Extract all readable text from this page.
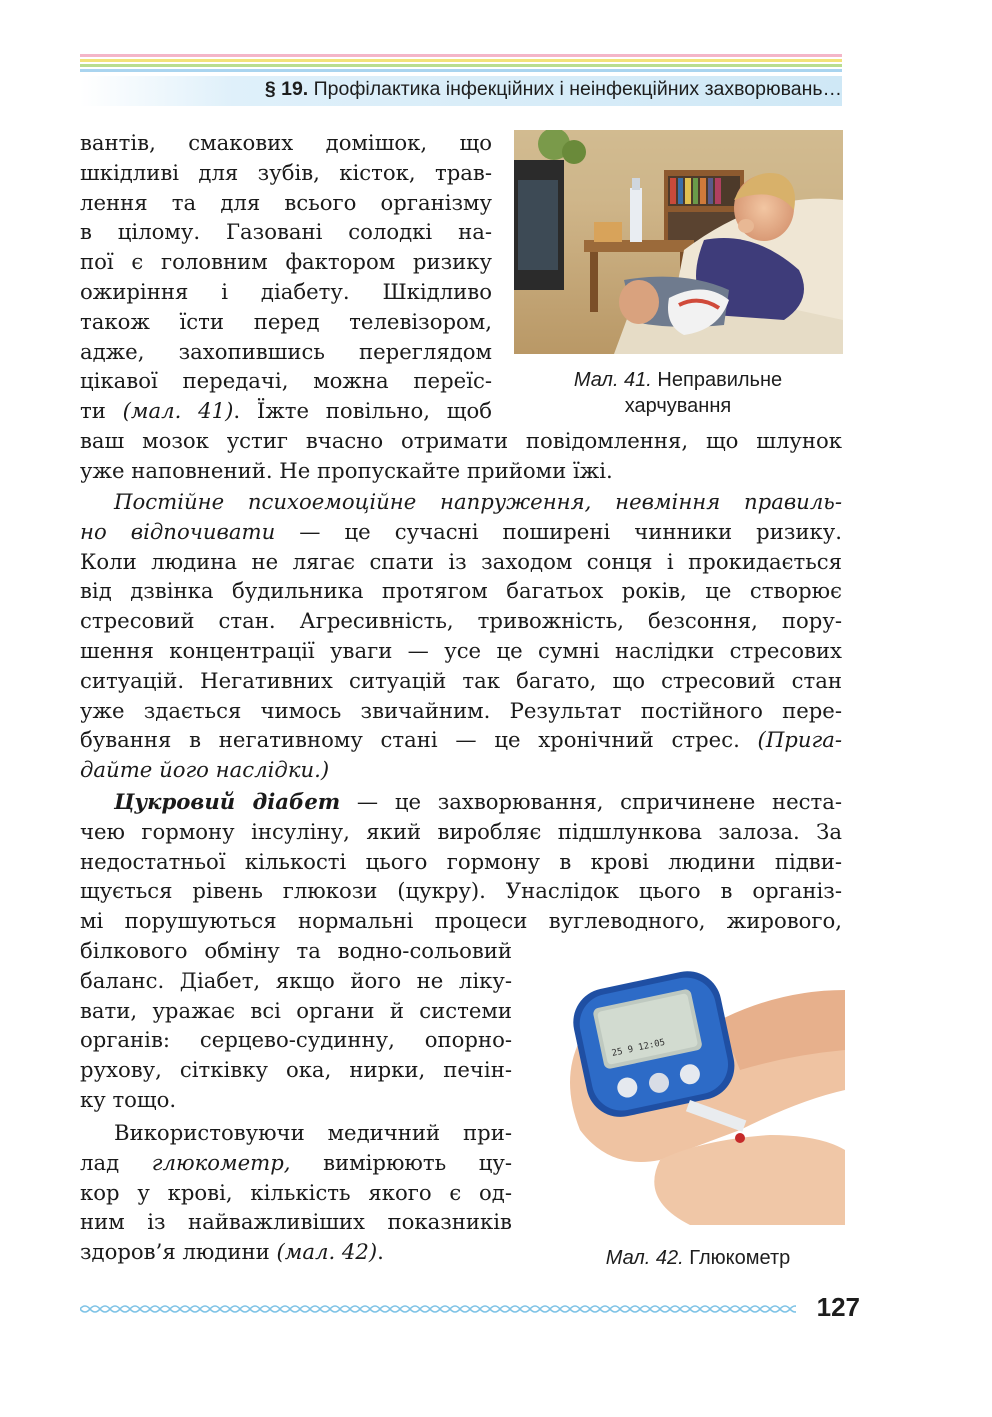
§ 19. Профілактика інфекційних і неінфекційних захворювань…
Мал. 41. Неправильне
харчування
вантів, смакових домішок, що
шкідливі для зубів, кісток, трав-
лення та для всього організму
в цілому. Газовані солодкі на-
пої є головним фактором ризику
ожиріння і діабету. Шкідливо
також їсти перед телевізором,
адже, захопившись переглядом
цікавої передачі, можна переїс-
ти (мал. 41). Їжте повільно, щоб
ваш мозок устиг вчасно отримати повідомлення, що шлунок
уже наповнений. Не пропускайте прийоми їжі.
Постійне психоемоційне напруження, невміння правиль-
но відпочивати — це сучасні поширені чинники ризику.
Коли людина не лягає спати із заходом сонця і прокидається
від дзвінка будильника протягом багатьох років, це створює
стресовий стан. Агресивність, тривожність, безсоння, пору-
шення концентрації уваги — усе це сумні наслідки стресових
ситуацій. Негативних ситуацій так багато, що стресовий стан
уже здається чимось звичайним. Результат постійного пере-
бування в негативному стані — це хронічний стрес. (Прига-
дайте його наслідки.)
Цукровий діабет — це захворювання, спричинене неста-
чею гормону інсуліну, який виробляє підшлункова залоза. За
недостатньої кількості цього гормону в крові людини підви-
щується рівень глюкози (цукру). Унаслідок цього в організ-
мі порушуються нормальні процеси вуглеводного, жирового,
білкового обміну та водно-сольовий
баланс. Діабет, якщо його не ліку-
вати, уражає всі органи й системи
органів: серцево-судинну, опорно-
рухову, сітківку ока, нирки, печін-
ку тощо.
Використовуючи медичний при-
лад глюкометр, вимірюють цу-
кор у крові, кількість якого є од-
ним із найважливіших показників
здоров’я людини (мал. 42).
25 9 12:05
Мал. 42. Глюкометр
127
